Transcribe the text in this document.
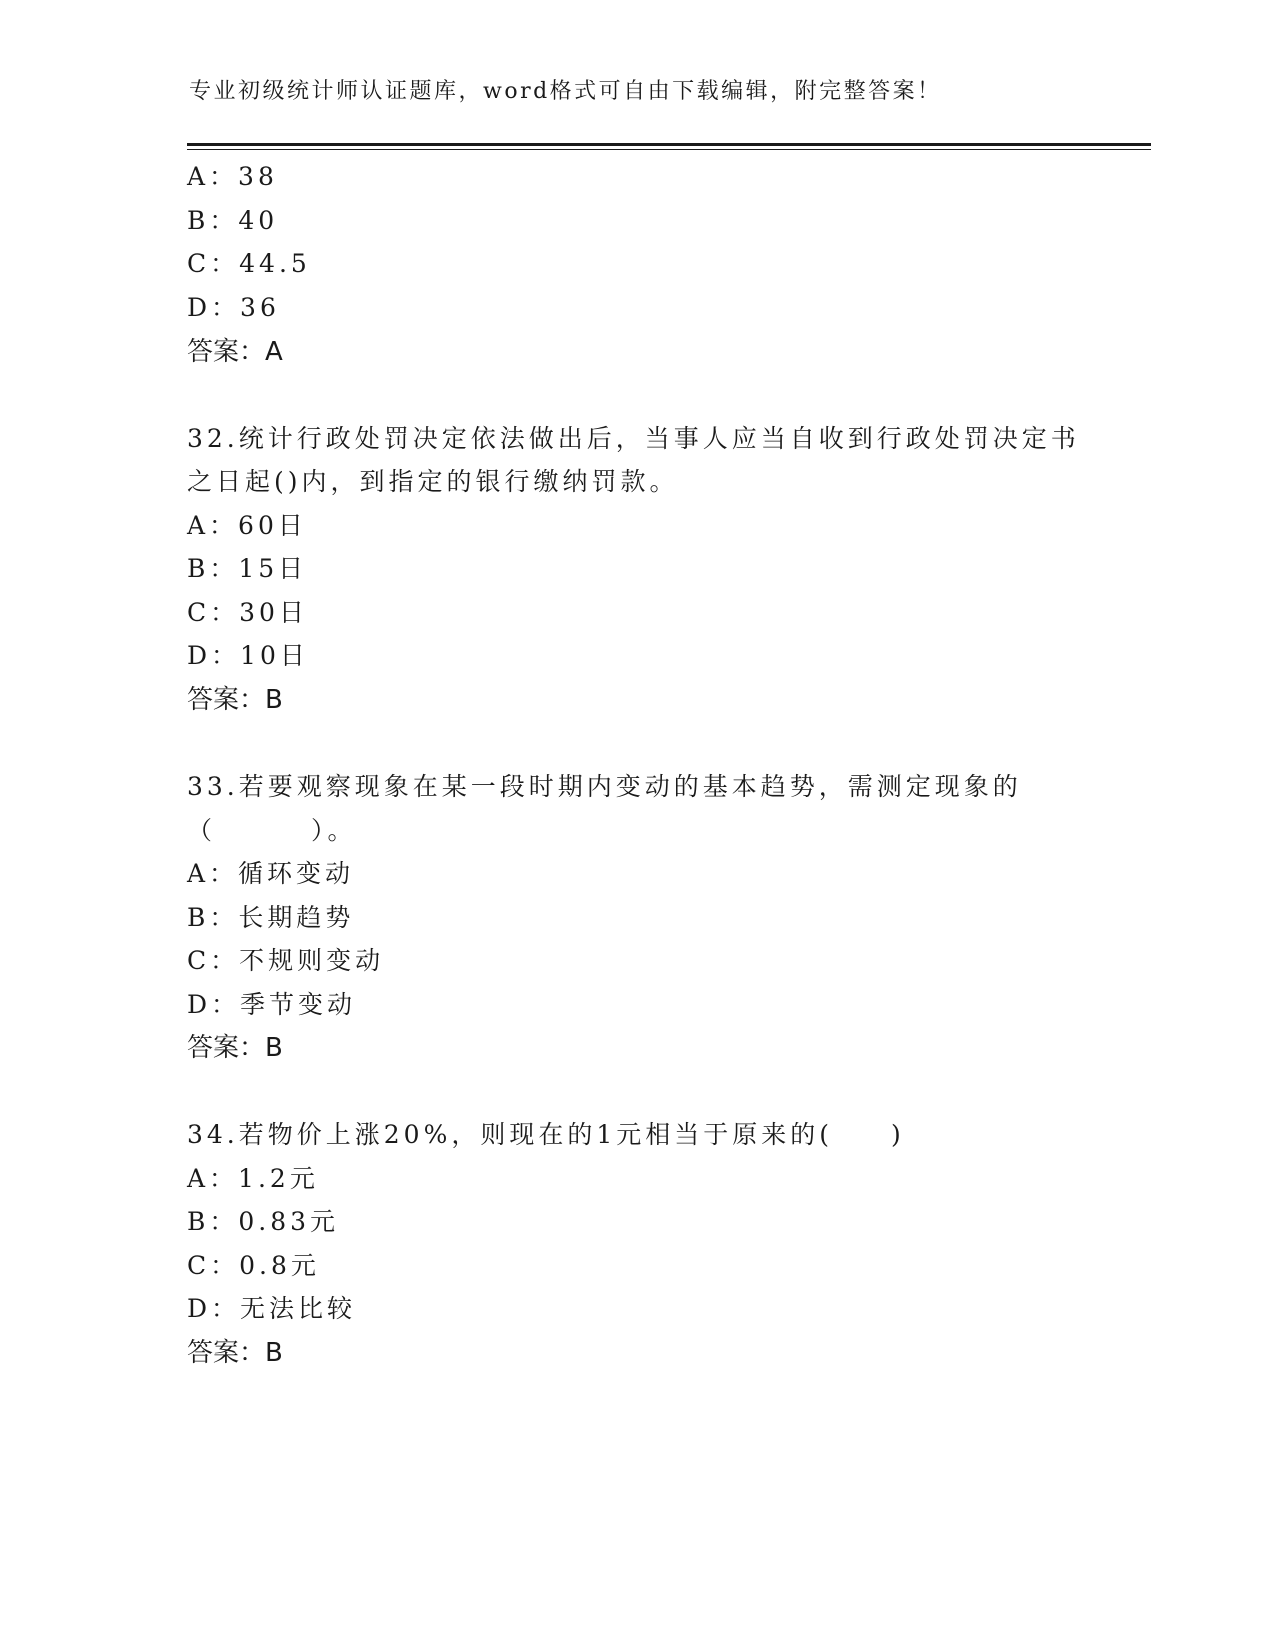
专业初级统计师认证题库，word格式可自由下载编辑，附完整答案！
A：38
B：40
C：44.5
D：36
答案：A
32.统计行政处罚决定依法做出后，当事人应当自收到行政处罚决定书
之日起()内，到指定的银行缴纳罚款。
A：60日
B：15日
C：30日
D：10日
答案：B
33.若要观察现象在某一段时期内变动的基本趋势，需测定现象的
（	）。
A：循环变动
B：长期趋势
C：不规则变动
D：季节变动
答案：B
34.若物价上涨20%，则现在的1元相当于原来的(　　)
A：1.2元
B：0.83元
C：0.8元
D：无法比较
答案：B
